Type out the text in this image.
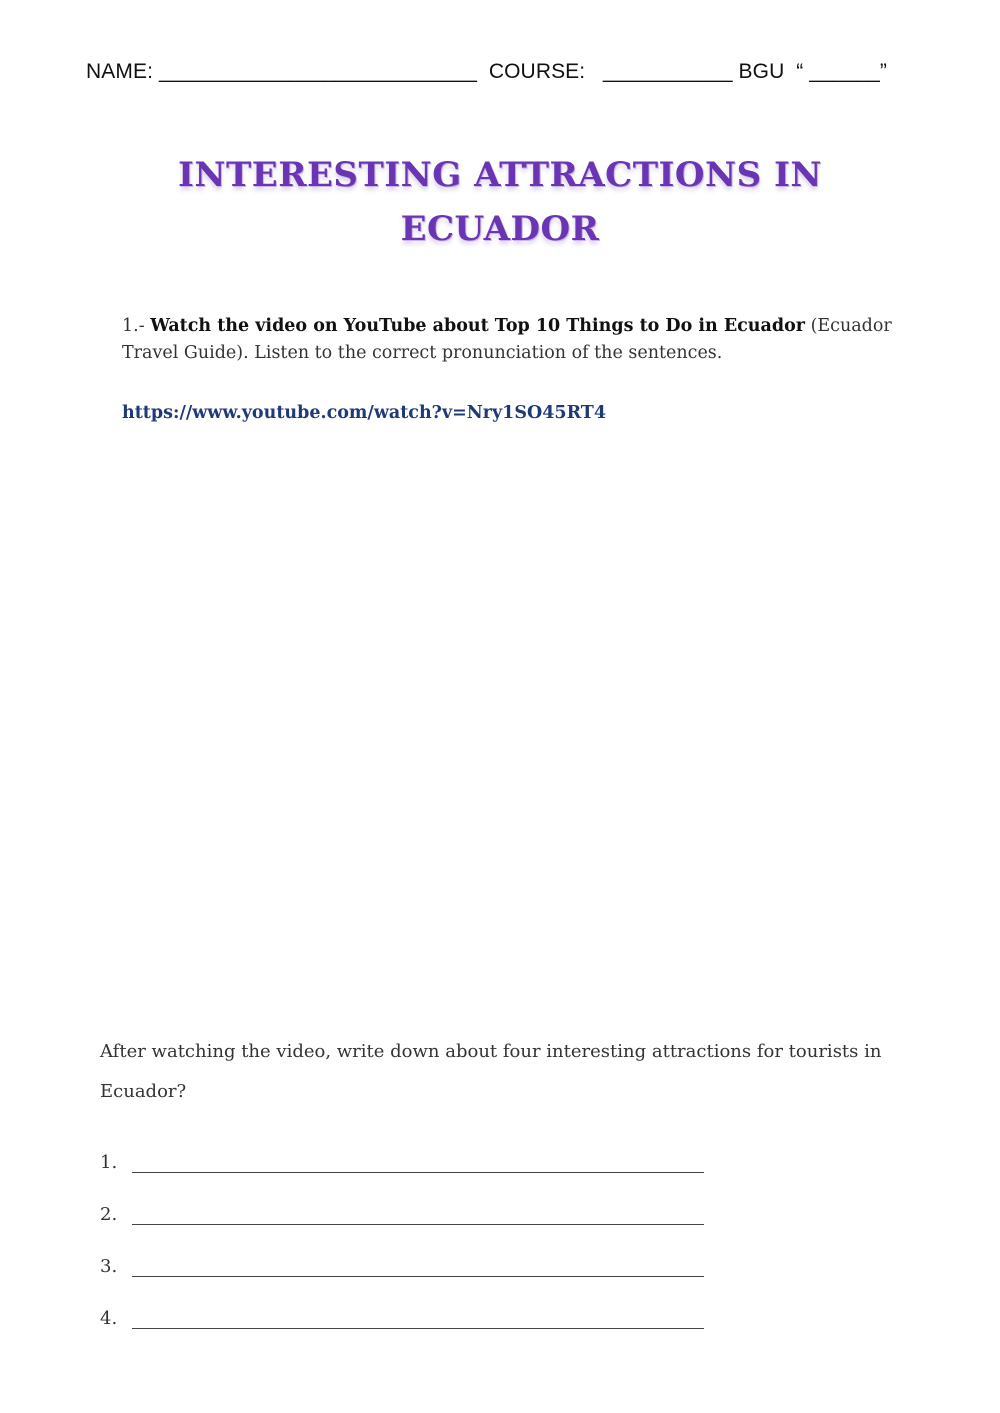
NAME: ___________________________  COURSE:   ___________ BGU  “ ______”
INTERESTING ATTRACTIONS IN
ECUADOR
1.- Watch the video on YouTube about Top 10 Things to Do in Ecuador (Ecuador Travel Guide). Listen to the correct pronunciation of the sentences.
https://www.youtube.com/watch?v=Nry1SO45RT4
After watching the video, write down about four interesting attractions for tourists in Ecuador?
1.
2.
3.
4.
